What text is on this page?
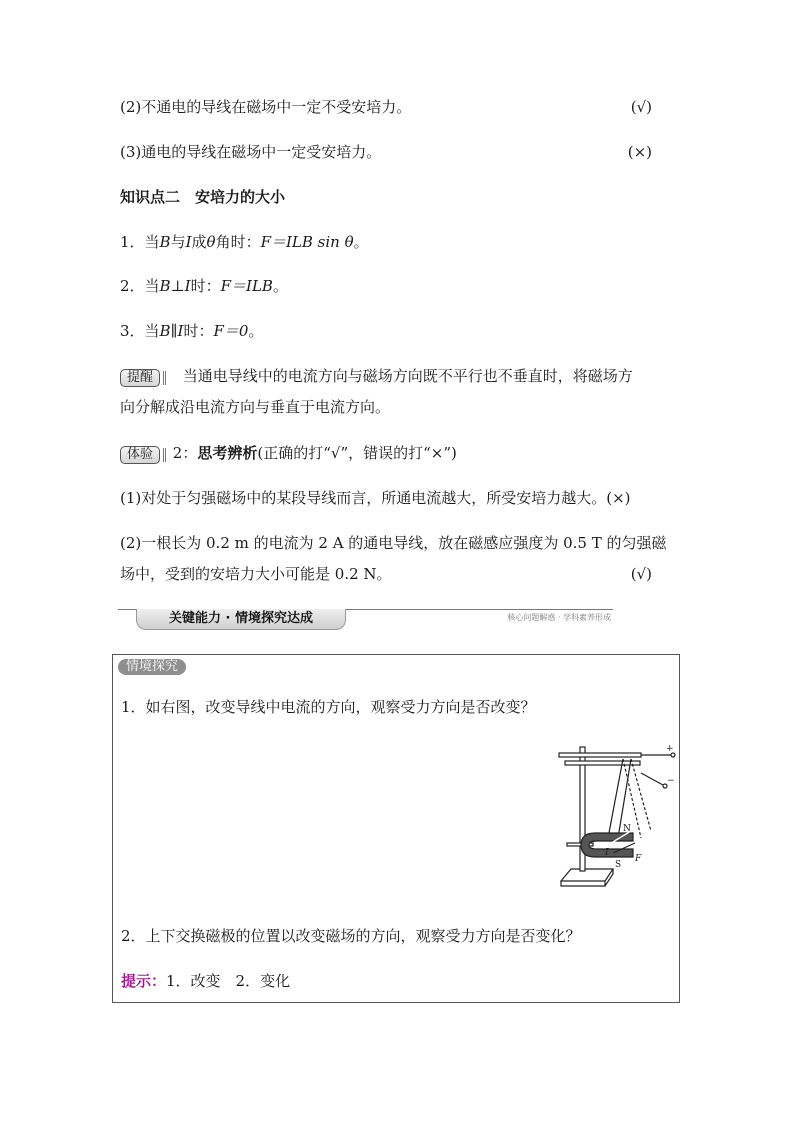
(2)不通电的导线在磁场中一定不受安培力。	(√)
(3)通电的导线在磁场中一定受安培力。	(×)
知识点二　安培力的大小
1．当B与I成θ角时：F＝ILB sin θ。
2．当B⊥I时：F＝ILB。
3．当B∥I时：F＝0。
提醒 当通电导线中的电流方向与磁场方向既不平行也不垂直时，将磁场方
向分解成沿电流方向与垂直于电流方向。
体验 2：思考辨析(正确的打“√”，错误的打“×”)
(1)对处于匀强磁场中的某段导线而言，所通电流越大，所受安培力越大。(×)
(2)一根长为 0.2 m 的电流为 2 A 的通电导线，放在磁感应强度为 0.5 T 的匀强磁
场中，受到的安培力大小可能是 0.2 N。	(√)
关键能力 · 情境探究达成	核心问题解惑 · 学科素养形成
情境探究
1．如右图，改变导线中电流的方向，观察受力方向是否改变？
+
−
N
S
I
F
2．上下交换磁极的位置以改变磁场的方向，观察受力方向是否变化？
提示：1．改变　2．变化
